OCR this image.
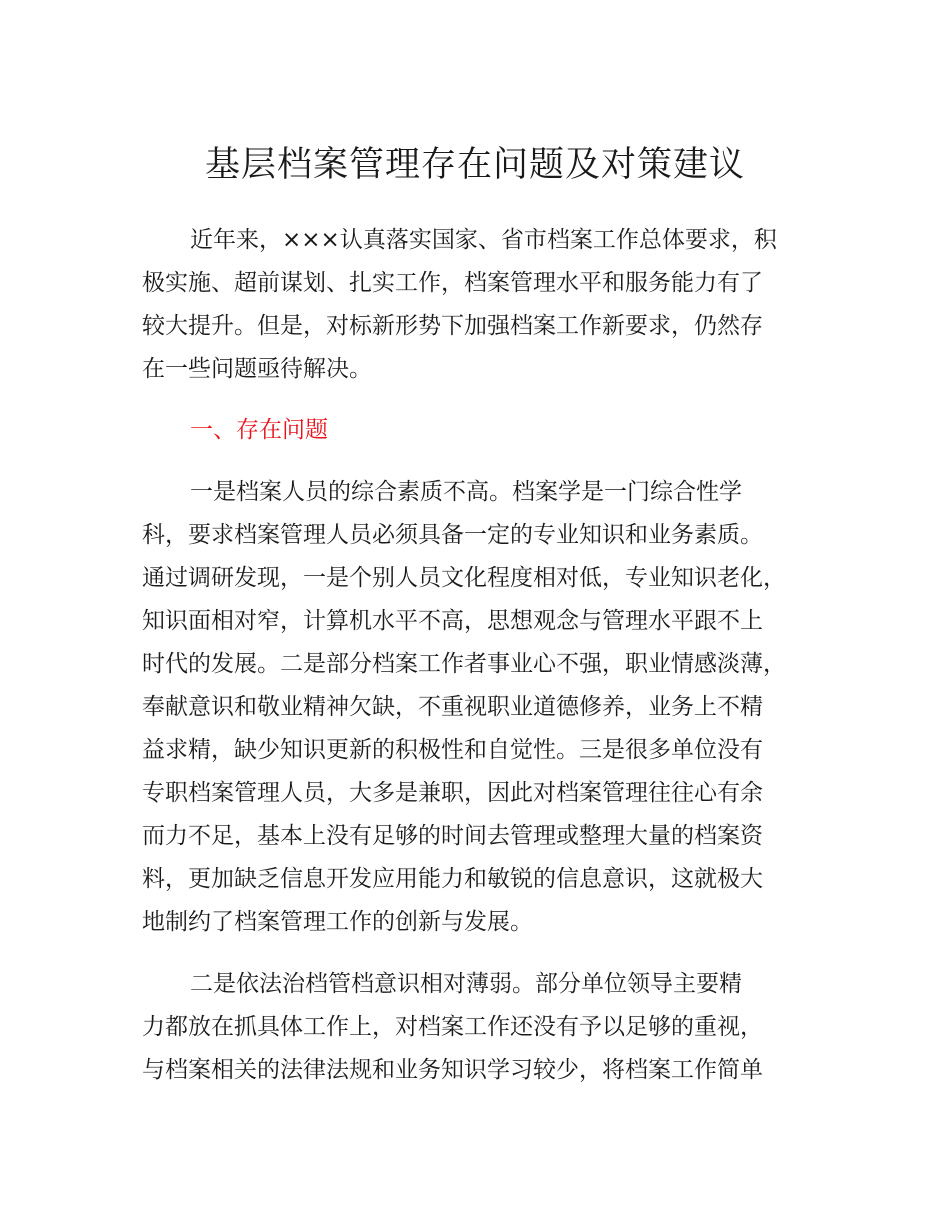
基层档案管理存在问题及对策建议
近年来，×××认真落实国家、省市档案工作总体要求，积
极实施、超前谋划、扎实工作，档案管理水平和服务能力有了
较大提升。但是，对标新形势下加强档案工作新要求，仍然存
在一些问题亟待解决。
一、存在问题
一是档案人员的综合素质不高。档案学是一门综合性学
科，要求档案管理人员必须具备一定的专业知识和业务素质。
通过调研发现，一是个别人员文化程度相对低，专业知识老化，
知识面相对窄，计算机水平不高，思想观念与管理水平跟不上
时代的发展。二是部分档案工作者事业心不强，职业情感淡薄，
奉献意识和敬业精神欠缺，不重视职业道德修养，业务上不精
益求精，缺少知识更新的积极性和自觉性。三是很多单位没有
专职档案管理人员，大多是兼职，因此对档案管理往往心有余
而力不足，基本上没有足够的时间去管理或整理大量的档案资
料，更加缺乏信息开发应用能力和敏锐的信息意识，这就极大
地制约了档案管理工作的创新与发展。
二是依法治档管档意识相对薄弱。部分单位领导主要精
力都放在抓具体工作上，对档案工作还没有予以足够的重视，
与档案相关的法律法规和业务知识学习较少，将档案工作简单
